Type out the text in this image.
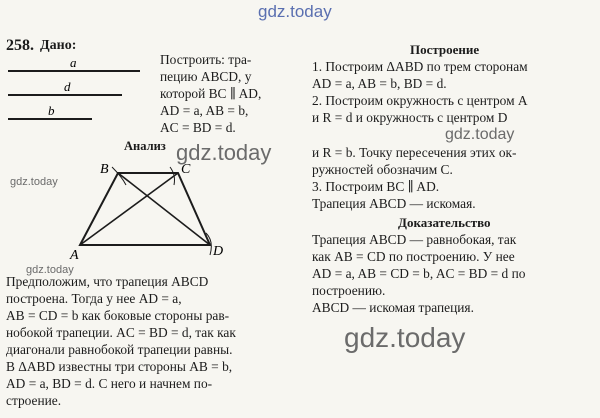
gdz.today
gdz.today
gdz.today
gdz.today
gdz.today
gdz.today
258. Дано:
a
d
b
Построить: тра-
пецию ABCD, у
которой BC ∥ AD,
AD = a, AB = b,
AC = BD = d.
Анализ
A
B	C
D
Предположим, что трапеция ABCD
построена. Тогда у нее AD = a,
AB = CD = b как боковые стороны рав-
нобокой трапеции. AC = BD = d, так как
диагонали равнобокой трапеции равны.
В ΔABD известны три стороны AB = b,
AD = a, BD = d. С него и начнем по-
строение.
Построение
1. Построим ΔABD по трем сторонам
AD = a, AB = b, BD = d.
2. Построим окружность с центром A
и R = d и окружность с центром D
и R = b. Точку пересечения этих ок-
ружностей обозначим C.
3. Построим BC ∥ AD.
Трапеция ABCD — искомая.
Доказательство
Трапеция ABCD — равнобокая, так
как AB = CD по построению. У нее
AD = a, AB = CD = b, AC = BD = d по
построению.
ABCD — искомая трапеция.
